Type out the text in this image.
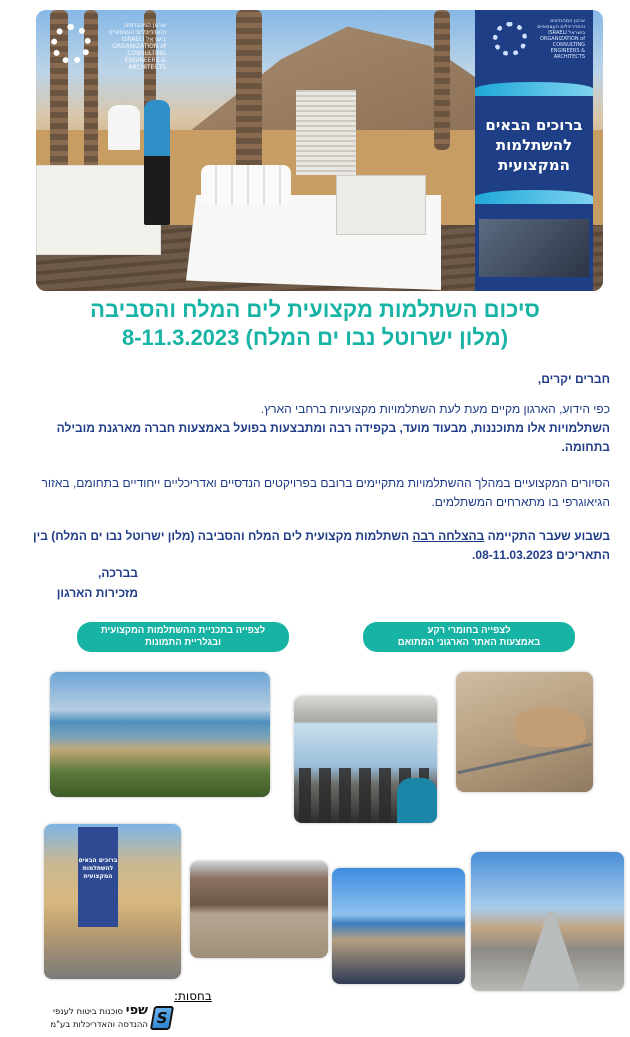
ארגון המהנדסים והאדריכלים העצמאיים בישראל ISRAELI ORGANIZATION of CONSULTING ENGINEERS & ARCHITECTS
ארגון המהנדסים והאדריכלים העצמאיים בישראל ISRAELI ORGANIZATION of CONSULTING ENGINEERS & ARCHITECTS
ברוכים הבאים
להשתלמות
המקצועית
סיכום השתלמות מקצועית לים המלח והסביבה
(מלון ישרוטל נבו ים המלח) 8-11.3.2023
חברים יקרים,
כפי הידוע, הארגון מקיים מעת לעת השתלמויות מקצועיות ברחבי הארץ.
השתלמויות אלו מתוכננות, מבעוד מועד, בקפידה רבה ומתבצעות בפועל באמצעות חברה מארגנת מובילה בתחומה.
הסיורים המקצועיים במהלך ההשתלמויות מתקיימים ברובם בפרויקטים הנדסיים ואדריכליים ייחודיים בתחומם, באזור הגיאוגרפי בו מתארחים המשתלמים.
בשבוע שעבר התקיימה בהצלחה רבה השתלמות מקצועית לים המלח והסביבה (מלון ישרוטל נבו ים המלח) בין התאריכים 08-11.03.2023.
בברכה,
מזכירות הארגון
לצפייה בתכניית ההשתלמות המקצועית
ובגלריית התמונות
לצפייה בחומרי רקע
באמצעות האתר הארגוני המתואם
ברוכים הבאים להשתלמות המקצועית
בחסות:
S
שפי סוכנות ביטוח לענפי
ההנדסה והאדריכלות בע"מ
